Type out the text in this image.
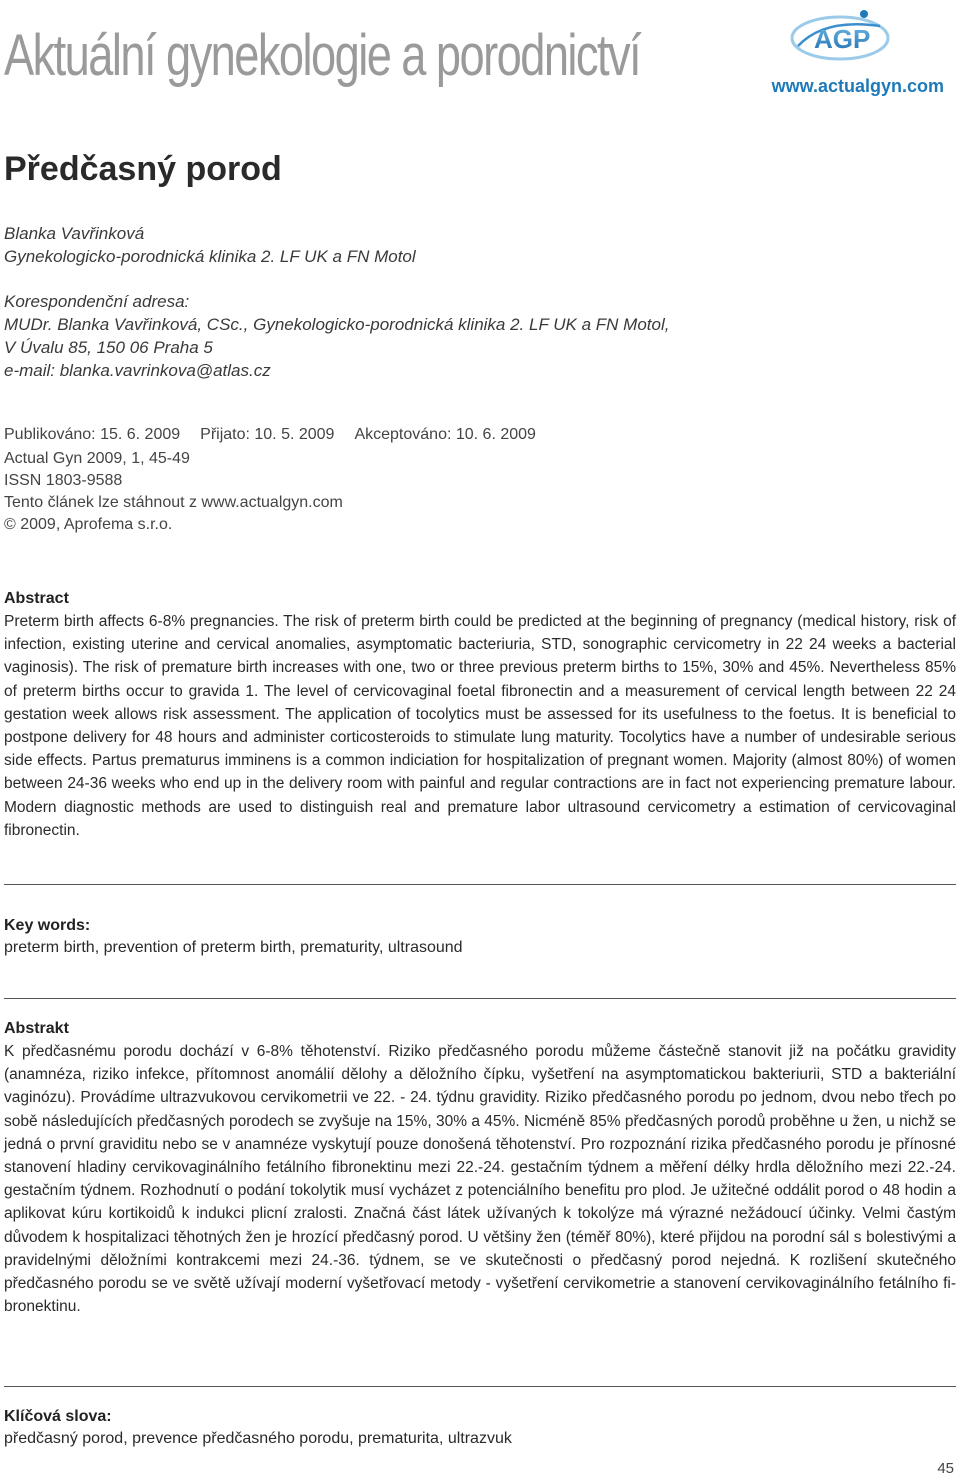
Aktuální gynekologie a porodnictví	AGP
www.actualgyn.com
Předčasný porod

Blanka Vavřinková

Gynekologicko-porodnická klinika 2. LF UK a FN Motol

Korespondenční adresa:

MUDr. Blanka Vavřinková, CSc., Gynekologicko-porodnická klinika 2. LF UK a FN Motol,

V Úvalu 85, 150 06 Praha 5

e-mail: blanka.vavrinkova@atlas.cz

Publikováno: 15. 6. 2009 Přijato: 10. 5. 2009 Akceptováno: 10. 6. 2009

Actual Gyn 2009, 1, 45-49

ISSN 1803-9588

Tento článek lze stáhnout z www.actualgyn.com

© 2009, Aprofema s.r.o.

Abstract

Preterm birth affects 6-8% pregnancies. The risk of preterm birth could be predicted at the beginning of pregnancy (medical history, risk of infection, existing uterine and cervical anomalies, asymptomatic bacteriuria, STD, sonographic cervicometry in 22 24 weeks a bacterial vaginosis). The risk of premature birth increases with one, two or three previous preterm births to 15%, 30% and 45%. Nevertheless 85% of preterm births occur to gravida 1. The level of cervicovaginal foetal fibronectin and a measurement of cervical length between 22 24 gestation week allows risk assessment. The application of tocolytics must be assessed for its usefulness to the foetus. It is beneficial to postpone delivery for 48 hours and administer corticosteroids to stimulate lung maturity. Tocolytics have a number of undesirable serious side effects. Partus prematurus imminens is a common indiciation for hospitalization of pregnant women. Majority (almost 80%) of women between 24-36 weeks who end up in the delivery room with painful and regular contractions are in fact not experiencing premature labour. Modern diagnostic methods are used to distinguish real and premature labor ultrasound cervicometry a estimation of cervicovaginal fibronectin.

Key words:

preterm birth, prevention of preterm birth, prematurity, ultrasound

Abstrakt

K předčasnému porodu dochází v 6-8% těhotenství. Riziko předčasného porodu můžeme částečně stanovit již na počátku gravidity (anamnéza, riziko infekce, přítomnost anomálií dělohy a děložního čípku, vyšetření na asymptomatickou bakteriurii, STD a bakteriální vaginózu). Provádíme ultrazvukovou cervikometrii ve 22. - 24. týdnu gravidity. Riziko předčasného porodu po jednom, dvou nebo třech po sobě následujících předčasných porodech se zvyšuje na 15%, 30% a 45%. Nicméně 85% předčasných porodů proběhne u žen, u nichž se jedná o první graviditu nebo se v anamnéze vyskytují pouze donošená těhotenství. Pro rozpoznání rizika předčasného porodu je přínosné stanovení hladiny cervikovaginálního fetálního fibronektinu mezi 22.-24. gestačním týdnem a měření délky hrdla děložního mezi 22.-24. gestačním týdnem. Rozhodnutí o podání tokolytik musí vycházet z potenciálního benefitu pro plod. Je užitečné oddálit porod o 48 hodin a aplikovat kúru kortikoidů k indukci plicní zralosti. Značná část látek užívaných k tokolýze má výrazné nežádoucí účinky. Velmi častým důvodem k hospitalizaci těhotných žen je hrozící předčasný porod. U většiny žen (téměř 80%), které přijdou na porodní sál s bolestivými a pravidelnými děložními kontrakcemi mezi 24.-36. týdnem, se ve skutečnosti o předčasný porod nejedná. K rozlišení skutečného předčasného porodu se ve světě užívají moderní vyšetřovací metody - vyšetření cervikometrie a stanovení cervikovaginálního fetálního fibronektinu.

Klíčová slova:

předčasný porod, prevence předčasného porodu, prematurita, ultrazvuk

45
